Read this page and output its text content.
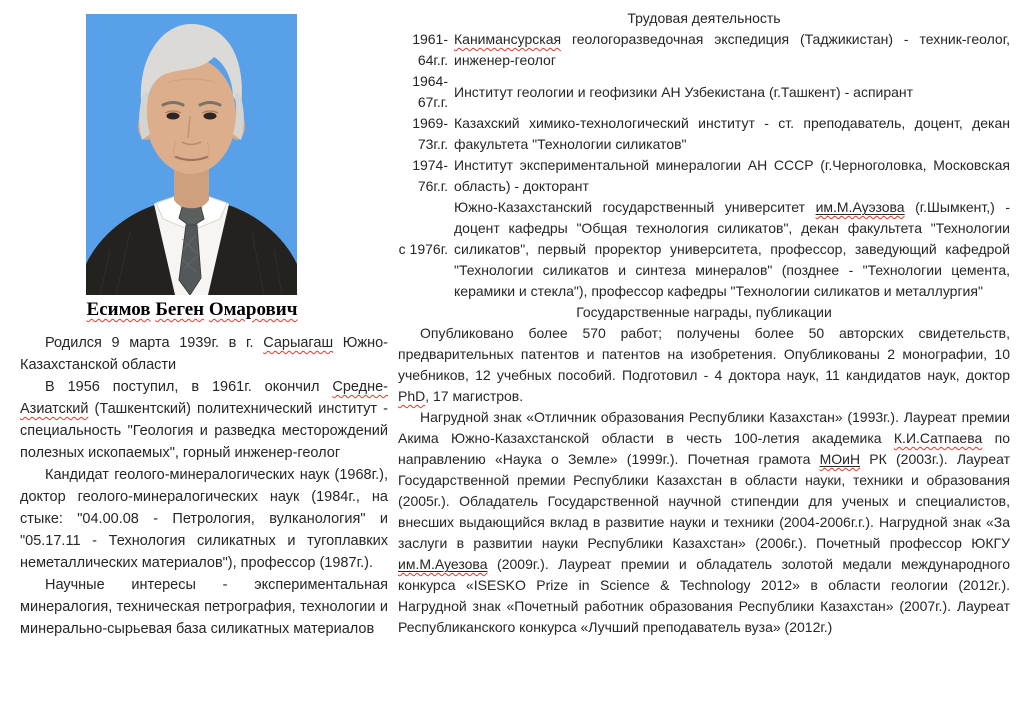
Есимов Беген Омарович

Родился 9 марта 1939г. в г. Сарыагаш Южно-Казахстанской области

В 1956 поступил, в 1961г. окончил Средне-Азиатский (Ташкентский) политехнический институт - специальность "Геология и разведка месторождений полезных ископаемых", горный инженер-геолог

Кандидат геолого-минералогических наук (1968г.), доктор геолого-минералогических наук (1984г., на стыке: "04.00.08 - Петрология, вулканология" и "05.17.11 - Технология силикатных и тугоплавких неметаллических материалов"), профессор (1987г.).

Научные интересы - экспериментальная минералогия, техническая петрография, технологии и минерально-сырьевая база силикатных материалов

Трудовая деятельность
1961-64г.г.	Канимансурская геологоразведочная экспедиция (Таджикистан) - техник-геолог, инженер-геолог
1964-67г.г.	Институт геологии и геофизики АН Узбекистана (г.Ташкент) - аспирант
1969-73г.г.	Казахский химико-технологический институт - ст. преподаватель, доцент, декан факультета "Технологии силикатов"
1974-76г.г.	Институт экспериментальной минералогии АН СССР (г.Черноголовка, Московская область) - докторант
с 1976г.	Южно-Казахстанский государственный университет им.М.Ауэзова (г.Шымкент,) - доцент кафедры "Общая технология силикатов", декан факультета "Технологии силикатов", первый проректор университета, профессор, заведующий кафедрой "Технологии силикатов и синтеза минералов" (позднее - "Технологии цемента, керамики и стекла"), профессор кафедры "Технологии силикатов и металлургия"
Государственные награды, публикации

Опубликовано более 570 работ; получены более 50 авторских свидетельств, предварительных патентов и патентов на изобретения. Опубликованы 2 монографии, 10 учебников, 12 учебных пособий. Подготовил - 4 доктора наук, 11 кандидатов наук, доктор PhD, 17 магистров.

Нагрудной знак «Отличник образования Республики Казахстан» (1993г.). Лауреат премии Акима Южно-Казахстанской области в честь 100-летия академика К.И.Сатпаева по направлению «Наука о Земле» (1999г.). Почетная грамота МОиН РК (2003г.). Лауреат Государственной премии Республики Казахстан в области науки, техники и образования (2005г.). Обладатель Государственной научной стипендии для ученых и специалистов, внесших выдающийся вклад в развитие науки и техники (2004-2006г.г.). Нагрудной знак «За заслуги в развитии науки Республики Казахстан» (2006г.). Почетный профессор ЮКГУ им.М.Ауезова (2009г.). Лауреат премии и обладатель золотой медали международного конкурса «ISESKO Prize in Science & Technology 2012» в области геологии (2012г.). Нагрудной знак «Почетный работник образования Республики Казахстан» (2007г.). Лауреат Республиканского конкурса «Лучший преподаватель вуза» (2012г.)
